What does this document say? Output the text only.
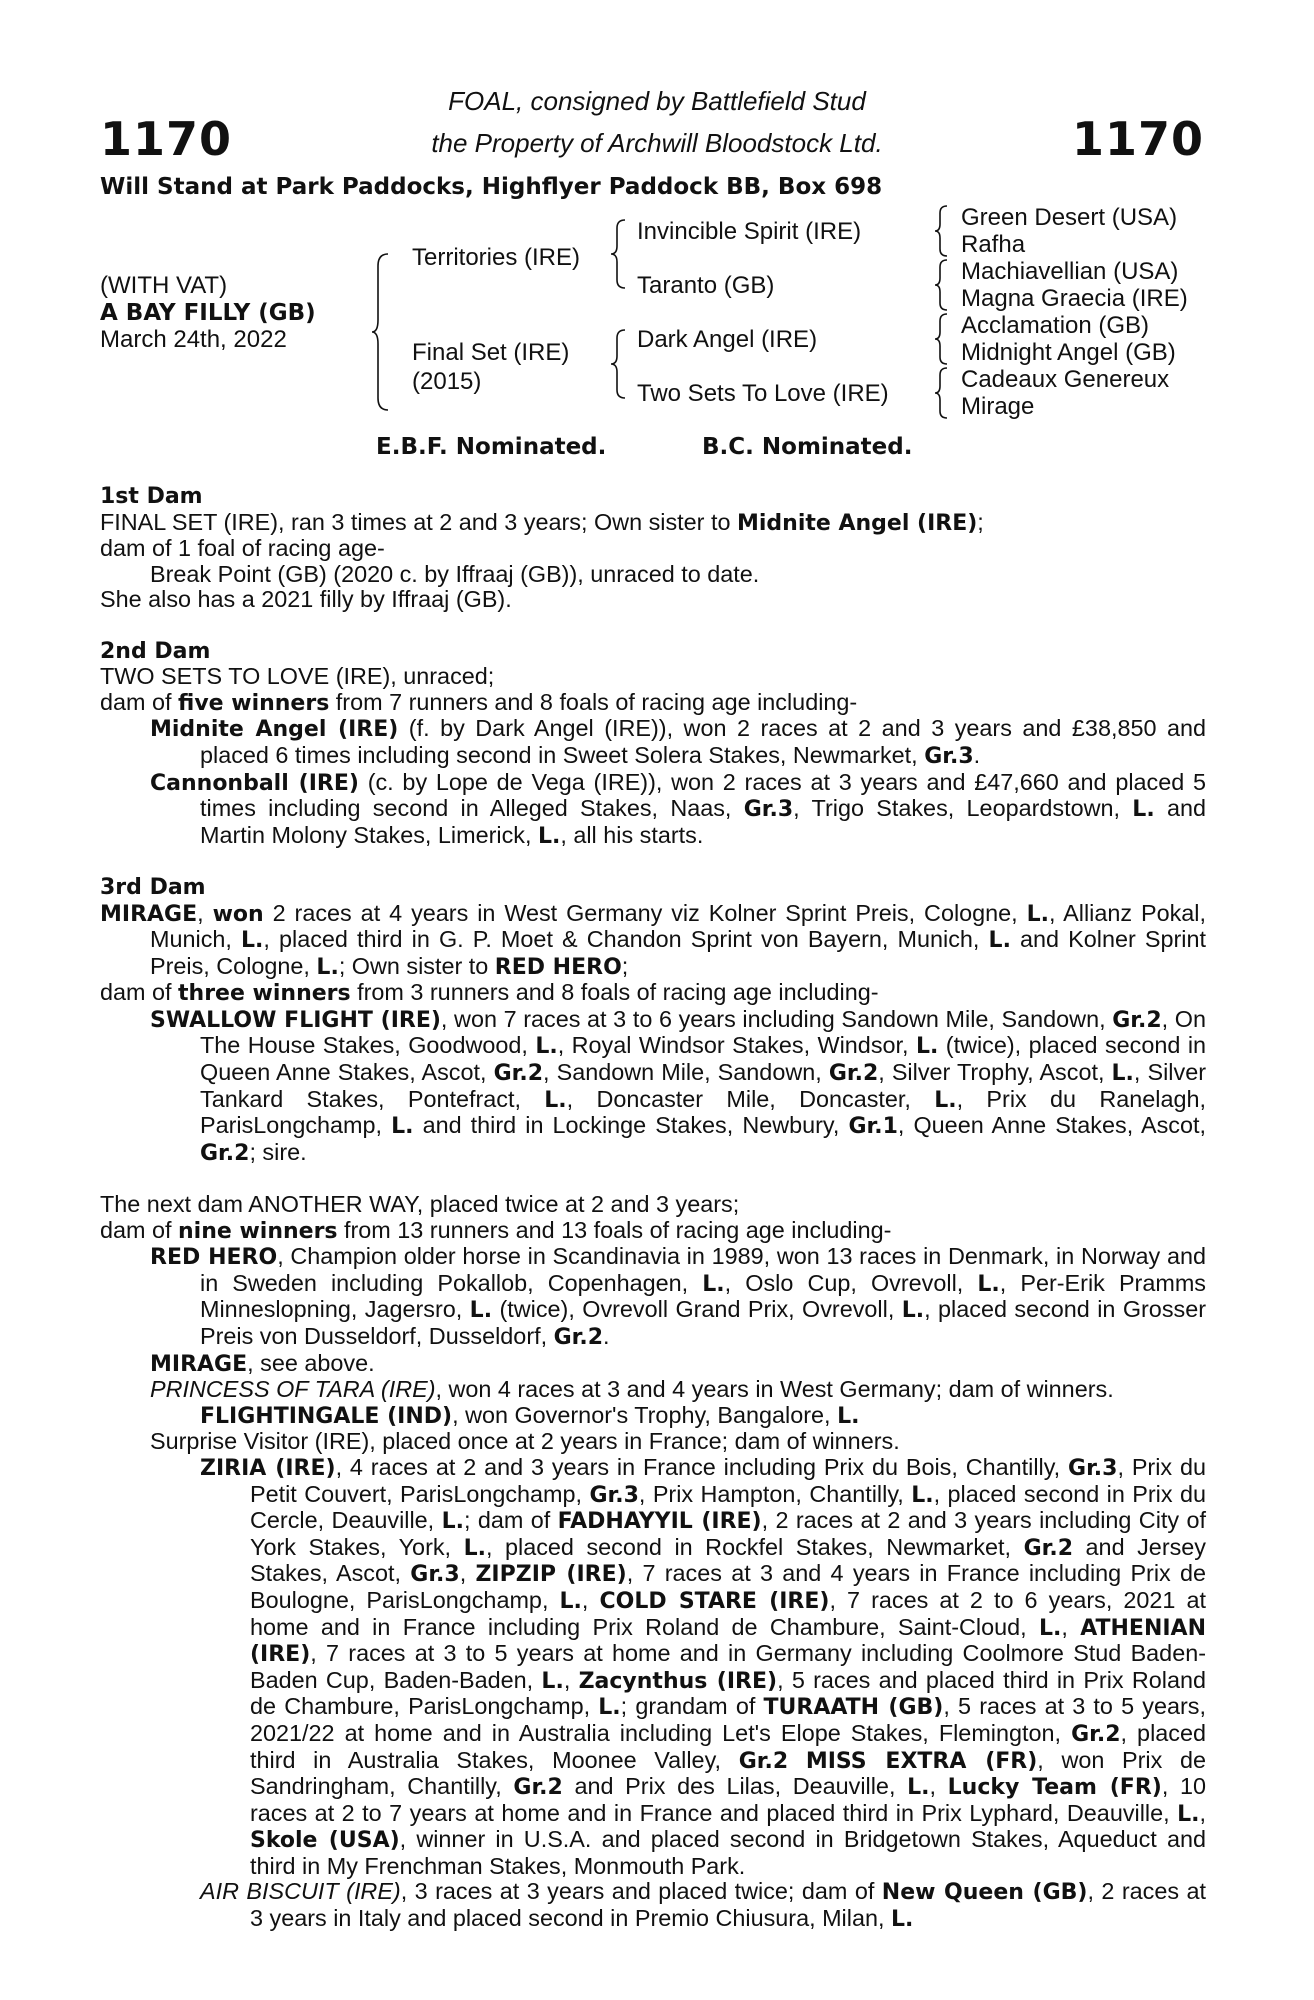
1170	1170
FOAL, consigned by Battlefield Stud
the Property of Archwill Bloodstock Ltd.
Will Stand at Park Paddocks, Highflyer Paddock BB, Box 698
(WITH VAT)
A BAY FILLY (GB)
March 24th, 2022
Territories (IRE)
Final Set (IRE)
(2015)
Invincible Spirit (IRE)
Taranto (GB)
Dark Angel (IRE)
Two Sets To Love (IRE)
Green Desert (USA)
Rafha
Machiavellian (USA)
Magna Graecia (IRE)
Acclamation (GB)
Midnight Angel (GB)
Cadeaux Genereux
Mirage
E.B.F. Nominated.	B.C. Nominated.

1st Dam

FINAL SET (IRE), ran 3 times at 2 and 3 years; Own sister to Midnite Angel (IRE);

dam of 1 foal of racing age-

Break Point (GB) (2020 c. by Iffraaj (GB)), unraced to date.

She also has a 2021 filly by Iffraaj (GB).

2nd Dam

TWO SETS TO LOVE (IRE), unraced;

dam of five winners from 7 runners and 8 foals of racing age including-

Midnite Angel (IRE) (f. by Dark Angel (IRE)), won 2 races at 2 and 3 years and £38,850 and placed 6 times including second in Sweet Solera Stakes, Newmarket, Gr.3.

Cannonball (IRE) (c. by Lope de Vega (IRE)), won 2 races at 3 years and £47,660 and placed 5 times including second in Alleged Stakes, Naas, Gr.3, Trigo Stakes, Leopardstown, L. and Martin Molony Stakes, Limerick, L., all his starts.

3rd Dam

MIRAGE, won 2 races at 4 years in West Germany viz Kolner Sprint Preis, Cologne, L., Allianz Pokal, Munich, L., placed third in G. P. Moet & Chandon Sprint von Bayern, Munich, L. and Kolner Sprint Preis, Cologne, L.; Own sister to RED HERO;

dam of three winners from 3 runners and 8 foals of racing age including-

SWALLOW FLIGHT (IRE), won 7 races at 3 to 6 years including Sandown Mile, Sandown, Gr.2, On The House Stakes, Goodwood, L., Royal Windsor Stakes, Windsor, L. (twice), placed second in Queen Anne Stakes, Ascot, Gr.2, Sandown Mile, Sandown, Gr.2, Silver Trophy, Ascot, L., Silver Tankard Stakes, Pontefract, L., Doncaster Mile, Doncaster, L., Prix du Ranelagh, ParisLongchamp, L. and third in Lockinge Stakes, Newbury, Gr.1, Queen Anne Stakes, Ascot, Gr.2; sire.

The next dam ANOTHER WAY, placed twice at 2 and 3 years;

dam of nine winners from 13 runners and 13 foals of racing age including-

RED HERO, Champion older horse in Scandinavia in 1989, won 13 races in Denmark, in Norway and in Sweden including Pokallob, Copenhagen, L., Oslo Cup, Ovrevoll, L., Per-Erik Pramms Minneslopning, Jagersro, L. (twice), Ovrevoll Grand Prix, Ovrevoll, L., placed second in Grosser Preis von Dusseldorf, Dusseldorf, Gr.2.

MIRAGE, see above.

PRINCESS OF TARA (IRE), won 4 races at 3 and 4 years in West Germany; dam of winners.

FLIGHTINGALE (IND), won Governor's Trophy, Bangalore, L.

Surprise Visitor (IRE), placed once at 2 years in France; dam of winners.

ZIRIA (IRE), 4 races at 2 and 3 years in France including Prix du Bois, Chantilly, Gr.3, Prix du Petit Couvert, ParisLongchamp, Gr.3, Prix Hampton, Chantilly, L., placed second in Prix du Cercle, Deauville, L.; dam of FADHAYYIL (IRE), 2 races at 2 and 3 years including City of York Stakes, York, L., placed second in Rockfel Stakes, Newmarket, Gr.2 and Jersey Stakes, Ascot, Gr.3, ZIPZIP (IRE), 7 races at 3 and 4 years in France including Prix de Boulogne, ParisLongchamp, L., COLD STARE (IRE), 7 races at 2 to 6 years, 2021 at home and in France including Prix Roland de Chambure, Saint-Cloud, L., ATHENIAN (IRE), 7 races at 3 to 5 years at home and in Germany including Coolmore Stud Baden-Baden Cup, Baden-Baden, L., Zacynthus (IRE), 5 races and placed third in Prix Roland de Chambure, ParisLongchamp, L.; grandam of TURAATH (GB), 5 races at 3 to 5 years, 2021/22 at home and in Australia including Let's Elope Stakes, Flemington, Gr.2, placed third in Australia Stakes, Moonee Valley, Gr.2 MISS EXTRA (FR), won Prix de Sandringham, Chantilly, Gr.2 and Prix des Lilas, Deauville, L., Lucky Team (FR), 10 races at 2 to 7 years at home and in France and placed third in Prix Lyphard, Deauville, L., Skole (USA), winner in U.S.A. and placed second in Bridgetown Stakes, Aqueduct and third in My Frenchman Stakes, Monmouth Park.

AIR BISCUIT (IRE), 3 races at 3 years and placed twice; dam of New Queen (GB), 2 races at 3 years in Italy and placed second in Premio Chiusura, Milan, L.
